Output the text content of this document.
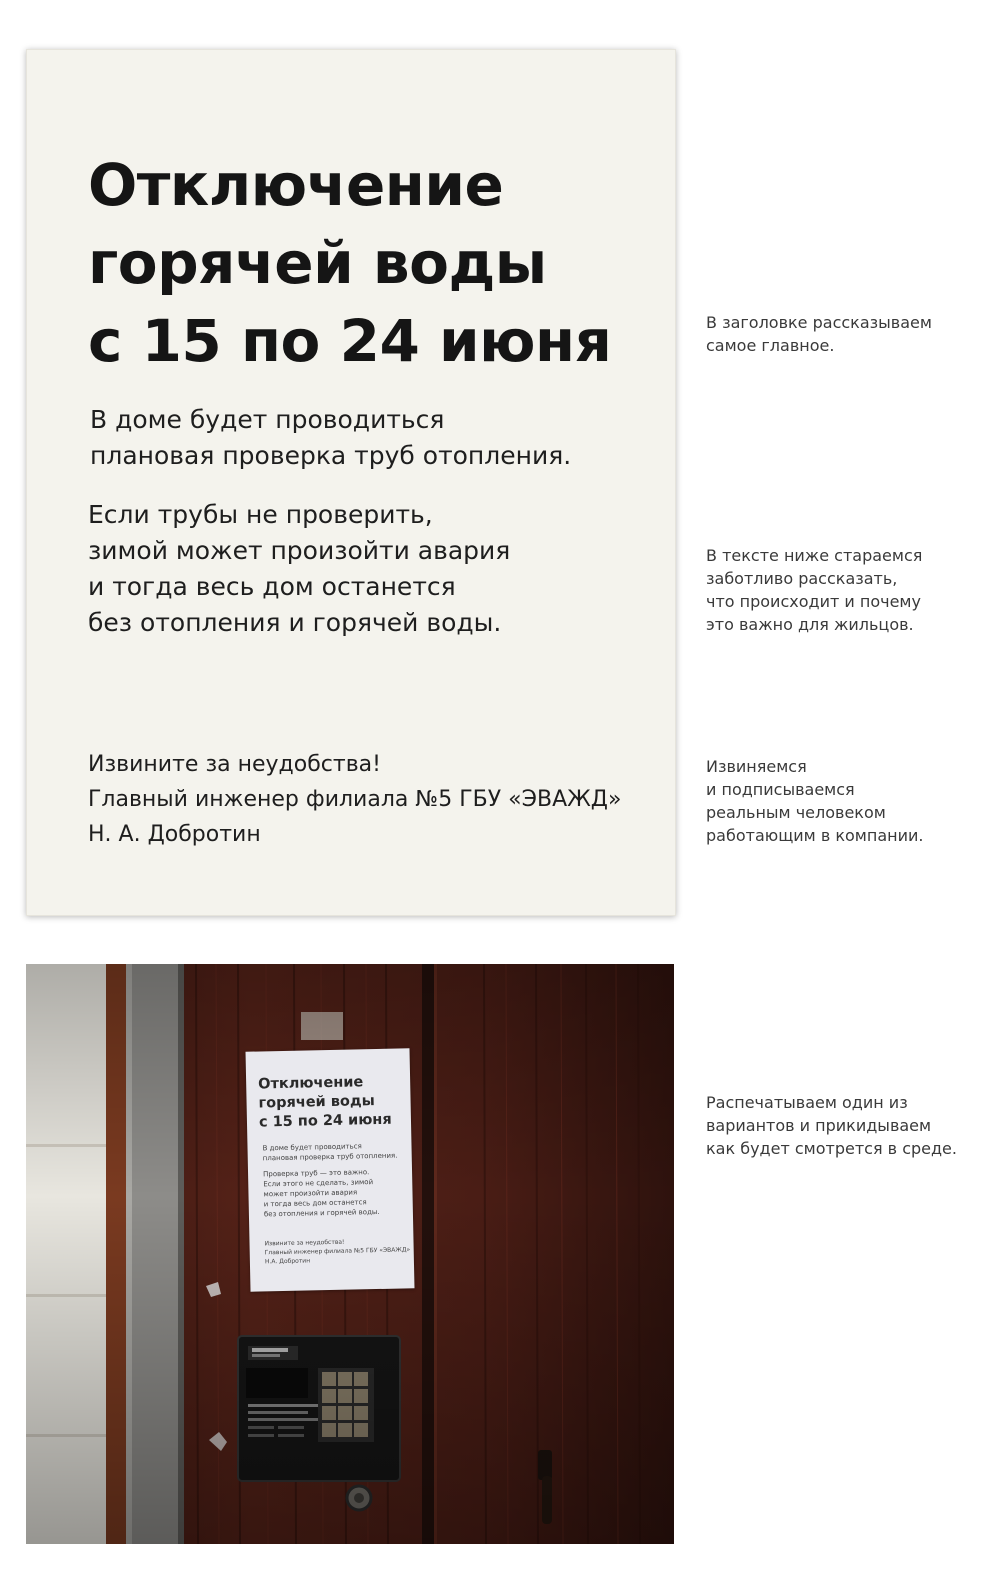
Отключение
горячей воды
с 15 по 24 июня
В доме будет проводиться
плановая проверка труб отопления.
Если трубы не проверить,
зимой может произойти авария
и тогда весь дом останется
без отопления и горячей воды.
Извините за неудобства!
Главный инженер филиала №5 ГБУ «ЭВАЖД»
Н. А. Добротин
В заголовке рассказываем
самое главное.
В тексте ниже стараемся
заботливо рассказать,
что происходит и почему
это важно для жильцов.
Извиняемся
и подписываемся
реальным человеком
работающим в компании.
Распечатываем один из
вариантов и прикидываем
как будет смотрется в среде.
Отключение
горячей воды
с 15 по 24 июня
В доме будет проводиться
плановая проверка труб отопления.
Проверка труб — это важно.
Если этого не сделать, зимой
может произойти авария
и тогда весь дом останется
без отопления и горячей воды.
Извините за неудобства!
Главный инженер филиала №5 ГБУ «ЭВАЖД»
Н.А. Добротин
